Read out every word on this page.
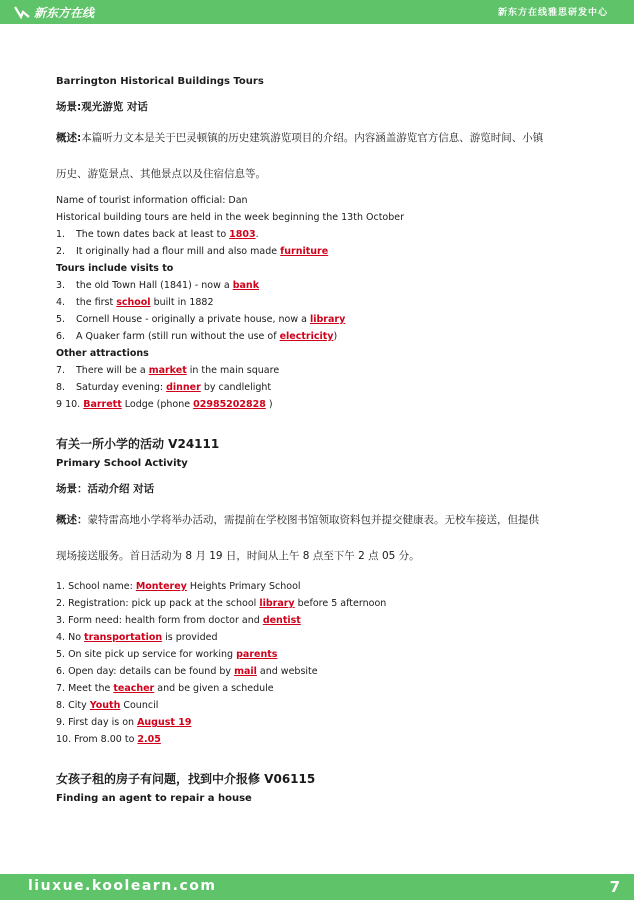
新东方在线	新东方在线雅思研发中心
Barrington Historical Buildings Tours
场景:观光游览 对话
概述:本篇听力文本是关于巴灵顿镇的历史建筑游览项目的介绍。内容涵盖游览官方信息、游览时间、小镇
历史、游览景点、其他景点以及住宿信息等。
Name of tourist information official: Dan
Historical building tours are held in the week beginning the 13th October
1. The town dates back at least to 1803.
2. It originally had a flour mill and also made furniture
Tours include visits to
3. the old Town Hall (1841) - now a bank
4. the first school built in 1882
5. Cornell House - originally a private house, now a library
6. A Quaker farm (still run without the use of electricity)
Other attractions
7. There will be a market in the main square
8. Saturday evening: dinner by candlelight
9 10. Barrett Lodge (phone 02985202828 )
有关一所小学的活动 V24111
Primary School Activity
场景：活动介绍 对话
概述：蒙特雷高地小学将举办活动，需提前在学校图书馆领取资料包并提交健康表。无校车接送，但提供
现场接送服务。首日活动为 8 月 19 日，时间从上午 8 点至下午 2 点 05 分。
1. School name: Monterey Heights Primary School
2. Registration: pick up pack at the school library before 5 afternoon
3. Form need: health form from doctor and dentist
4. No transportation is provided
5. On site pick up service for working parents
6. Open day: details can be found by mail and website
7. Meet the teacher and be given a schedule
8. City Youth Council
9. First day is on August 19
10. From 8.00 to 2.05
女孩子租的房子有问题，找到中介报修 V06115
Finding an agent to repair a house
liuxue.koolearn.com	7
